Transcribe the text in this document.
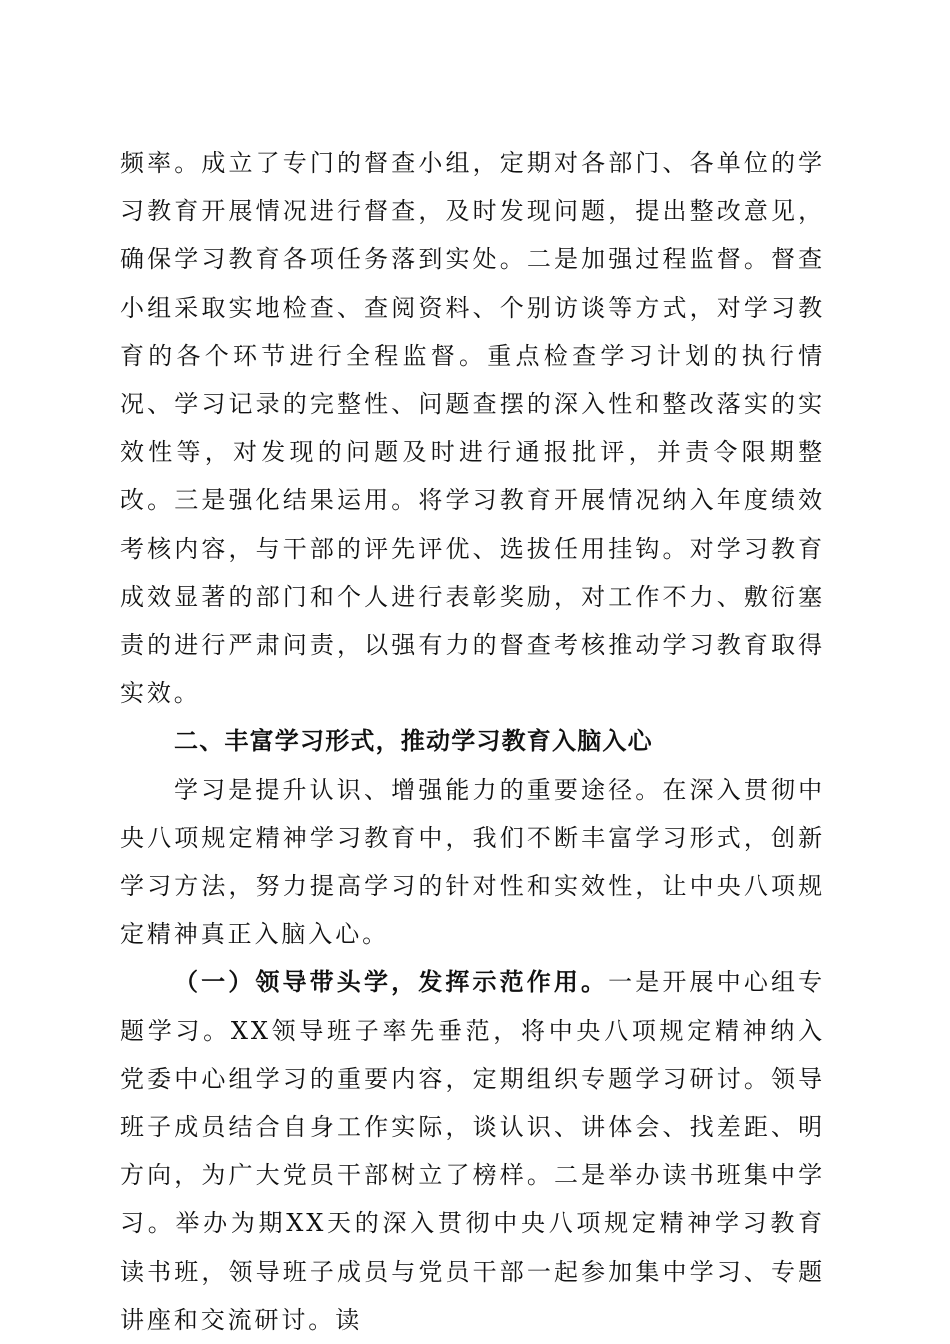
频率。成立了专门的督查小组，定期对各部门、各单位的学习教育开展情况进行督查，及时发现问题，提出整改意见，确保学习教育各项任务落到实处。二是加强过程监督。督查小组采取实地检查、查阅资料、个别访谈等方式，对学习教育的各个环节进行全程监督。重点检查学习计划的执行情况、学习记录的完整性、问题查摆的深入性和整改落实的实效性等，对发现的问题及时进行通报批评，并责令限期整改。三是强化结果运用。将学习教育开展情况纳入年度绩效考核内容，与干部的评先评优、选拔任用挂钩。对学习教育成效显著的部门和个人进行表彰奖励，对工作不力、敷衍塞责的进行严肃问责，以强有力的督查考核推动学习教育取得实效。

二、丰富学习形式，推动学习教育入脑入心

学习是提升认识、增强能力的重要途径。在深入贯彻中央八项规定精神学习教育中，我们不断丰富学习形式，创新学习方法，努力提高学习的针对性和实效性，让中央八项规定精神真正入脑入心。

（一）领导带头学，发挥示范作用。一是开展中心组专题学习。XX领导班子率先垂范，将中央八项规定精神纳入党委中心组学习的重要内容，定期组织专题学习研讨。领导班子成员结合自身工作实际，谈认识、讲体会、找差距、明方向，为广大党员干部树立了榜样。二是举办读书班集中学习。举办为期XX天的深入贯彻中央八项规定精神学习教育读书班，领导班子成员与党员干部一起参加集中学习、专题讲座和交流研讨。读
